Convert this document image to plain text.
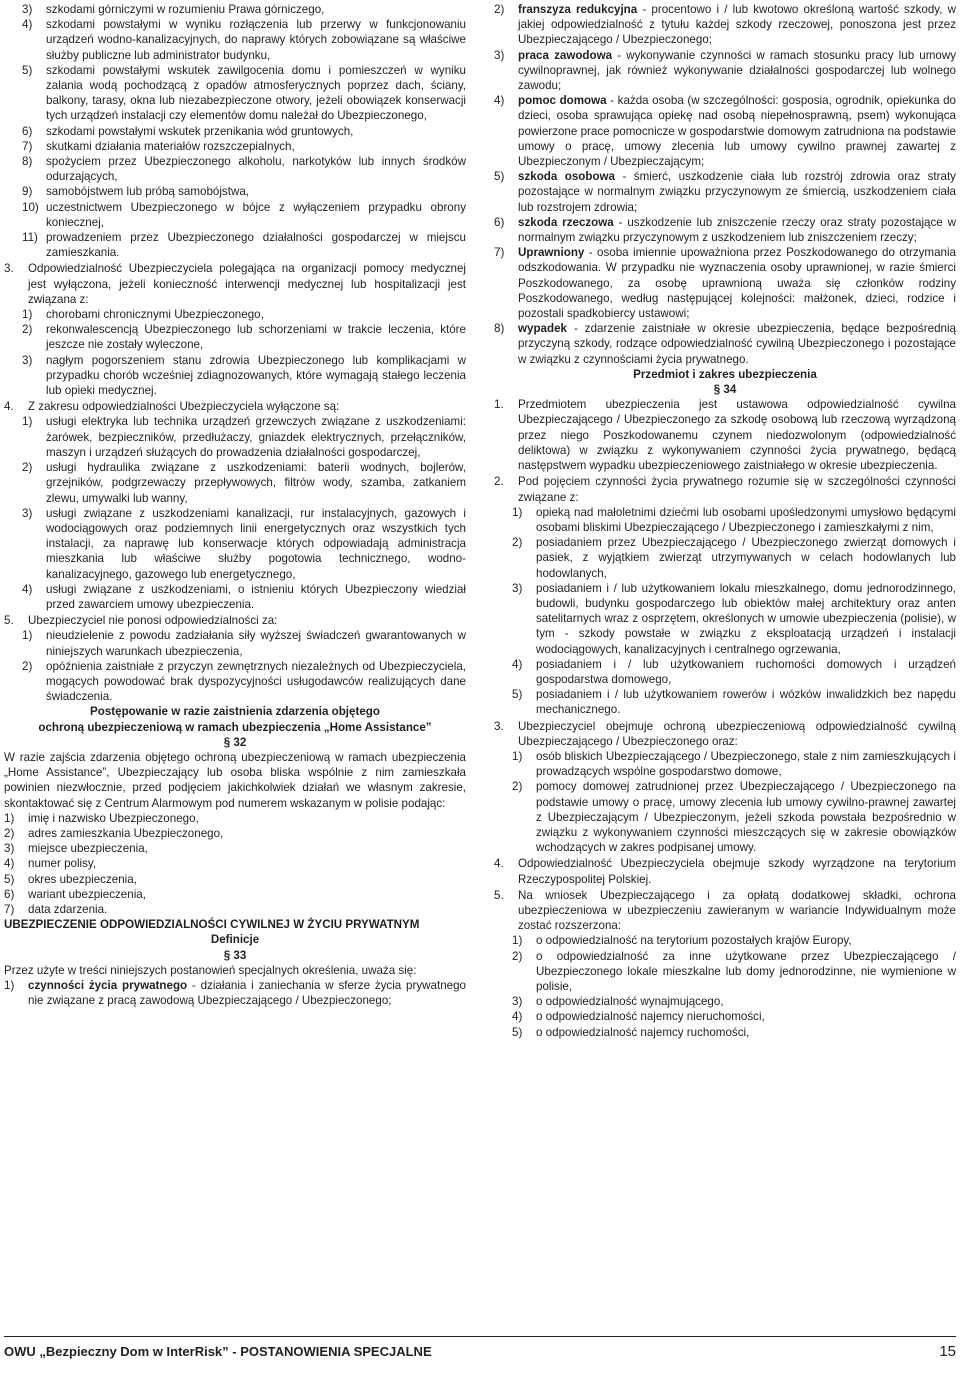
3)	szkodami górniczymi w rozumieniu Prawa górniczego,
4)	szkodami powstałymi w wyniku rozłączenia lub przerwy w funkcjonowaniu urządzeń wodno-kanalizacyjnych, do naprawy których zobowiązane są właściwe służby publiczne lub administrator budynku,
5)	szkodami powstałymi wskutek zawilgocenia domu i pomieszczeń w wyniku zalania wodą pochodzącą z opadów atmosferycznych poprzez dach, ściany, balkony, tarasy, okna lub niezabezpieczone otwory, jeżeli obowiązek konserwacji tych urządzeń instalacji czy elementów domu należał do Ubezpieczonego,
6)	szkodami powstałymi wskutek przenikania wód gruntowych,
7)	skutkami działania materiałów rozszczepialnych,
8)	spożyciem przez Ubezpieczonego alkoholu, narkotyków lub innych środków odurzających,
9)	samobójstwem lub próbą samobójstwa,
10) uczestnictwem Ubezpieczonego w bójce z wyłączeniem przypadku obrony koniecznej,
11) prowadzeniem przez Ubezpieczonego działalności gospodarczej w miejscu zamieszkania.
3.	Odpowiedzialność Ubezpieczyciela polegająca na organizacji pomocy medycznej jest wyłączona, jeżeli konieczność interwencji medycznej lub hospitalizacji jest związana z:
1)	chorobami chronicznymi Ubezpieczonego,
2)	rekonwalescencją Ubezpieczonego lub schorzeniami w trakcie leczenia, które jeszcze nie zostały wyleczone,
3)	nagłym pogorszeniem stanu zdrowia Ubezpieczonego lub komplikacjami w przypadku chorób wcześniej zdiagnozowanych, które wymagają stałego leczenia lub opieki medycznej.
4.	Z zakresu odpowiedzialności Ubezpieczyciela wyłączone są:
1)	usługi elektryka lub technika urządzeń grzewczych związane z uszkodzeniami: żarówek, bezpieczników, przedłużaczy, gniazdek elektrycznych, przełączników, maszyn i urządzeń służących do prowadzenia działalności gospodarczej,
2)	usługi hydraulika związane z uszkodzeniami: baterii wodnych, bojlerów, grzejników, podgrzewaczy przepływowych, filtrów wody, szamba, zatkaniem zlewu, umywalki lub wanny,
3)	usługi związane z uszkodzeniami kanalizacji, rur instalacyjnych, gazowych i wodociągowych oraz podziemnych linii energetycznych oraz wszystkich tych instalacji, za naprawę lub konserwacje których odpowiadają administracja mieszkania lub właściwe służby pogotowia technicznego, wodno-kanalizacyjnego, gazowego lub energetycznego,
4)	usługi związane z uszkodzeniami, o istnieniu których Ubezpieczony wiedział przed zawarciem umowy ubezpieczenia.
5.	Ubezpieczyciel nie ponosi odpowiedzialności za:
1)	nieudzielenie z powodu zadziałania siły wyższej świadczeń gwarantowanych w niniejszych warunkach ubezpieczenia,
2)	opóźnienia zaistniałe z przyczyn zewnętrznych niezależnych od Ubezpieczyciela, mogących powodować brak dyspozycyjności usługodawców realizujących dane świadczenia.

Postępowanie w razie zaistnienia zdarzenia objętego

ochroną ubezpieczeniową w ramach ubezpieczenia „Home Assistance”

§ 32

W razie zajścia zdarzenia objętego ochroną ubezpieczeniową w ramach ubezpieczenia „Home Assistance”, Ubezpieczający lub osoba bliska wspólnie z nim zamieszkała powinien niezwłocznie, przed podjęciem jakichkolwiek działań we własnym zakresie, skontaktować się z Centrum Alarmowym pod numerem wskazanym w polisie podając:

1)	imię i nazwisko Ubezpieczonego,
2)	adres zamieszkania Ubezpieczonego,
3)	miejsce ubezpieczenia,
4)	numer polisy,
5)	okres ubezpieczenia,
6)	wariant ubezpieczenia,
7)	data zdarzenia.

UBEZPIECZENIE ODPOWIEDZIALNOŚCI CYWILNEJ W ŻYCIU PRYWATNYM

Definicje

§ 33

Przez użyte w treści niniejszych postanowień specjalnych określenia, uważa się:

1)	czynności życia prywatnego - działania i zaniechania w sferze życia prywatnego nie związane z pracą zawodową Ubezpieczającego / Ubezpieczonego;
2)	franszyza redukcyjna - procentowo i / lub kwotowo określoną wartość szkody, w jakiej odpowiedzialność z tytułu każdej szkody rzeczowej, ponoszona jest przez Ubezpieczającego / Ubezpieczonego;
3)	praca zawodowa - wykonywanie czynności w ramach stosunku pracy lub umowy cywilnoprawnej, jak również wykonywanie działalności gospodarczej lub wolnego zawodu;
4)	pomoc domowa - każda osoba (w szczególności: gosposia, ogrodnik, opiekunka do dzieci, osoba sprawująca opiekę nad osobą niepełnosprawną, psem) wykonująca powierzone prace pomocnicze w gospodarstwie domowym zatrudniona na podstawie umowy o pracę, umowy zlecenia lub umowy cywilno prawnej zawartej z Ubezpieczonym / Ubezpieczającym;
5)	szkoda osobowa - śmierć, uszkodzenie ciała lub rozstrój zdrowia oraz straty pozostające w normalnym związku przyczynowym ze śmiercią, uszkodzeniem ciała lub rozstrojem zdrowia;
6)	szkoda rzeczowa - uszkodzenie lub zniszczenie rzeczy oraz straty pozostające w normalnym związku przyczynowym z uszkodzeniem lub zniszczeniem rzeczy;
7)	Uprawniony - osoba imiennie upoważniona przez Poszkodowanego do otrzymania odszkodowania. W przypadku nie wyznaczenia osoby uprawnionej, w razie śmierci Poszkodowanego, za osobę uprawnioną uważa się członków rodziny Poszkodowanego, według następującej kolejności: małżonek, dzieci, rodzice i pozostali spadkobiercy ustawowi;
8)	wypadek - zdarzenie zaistniałe w okresie ubezpieczenia, będące bezpośrednią przyczyną szkody, rodzące odpowiedzialność cywilną Ubezpieczonego i pozostające w związku z czynnościami życia prywatnego.

Przedmiot i zakres ubezpieczenia

§ 34

1.	Przedmiotem ubezpieczenia jest ustawowa odpowiedzialność cywilna Ubezpieczającego / Ubezpieczonego za szkodę osobową lub rzeczową wyrządzoną przez niego Poszkodowanemu czynem niedozwolonym (odpowiedzialność deliktowa) w związku z wykonywaniem czynności życia prywatnego, będącą następstwem wypadku ubezpieczeniowego zaistniałego w okresie ubezpieczenia.
2.	Pod pojęciem czynności życia prywatnego rozumie się w szczególności czynności związane z:
1)	opieką nad małoletnimi dziećmi lub osobami upośledzonymi umysłowo będącymi osobami bliskimi Ubezpieczającego / Ubezpieczonego i zamieszkałymi z nim,
2)	posiadaniem przez Ubezpieczającego / Ubezpieczonego zwierząt domowych i pasiek, z wyjątkiem zwierząt utrzymywanych w celach hodowlanych lub hodowlanych,
3)	posiadaniem i / lub użytkowaniem lokalu mieszkalnego, domu jednorodzinnego, budowli, budynku gospodarczego lub obiektów małej architektury oraz anten satelitarnych wraz z osprzętem, określonych w umowie ubezpieczenia (polisie), w tym - szkody powstałe w związku z eksploatacją urządzeń i instalacji wodociągowych, kanalizacyjnych i centralnego ogrzewania,
4)	posiadaniem i / lub użytkowaniem ruchomości domowych i urządzeń gospodarstwa domowego,
5)	posiadaniem i / lub użytkowaniem rowerów i wózków inwalidzkich bez napędu mechanicznego.
3.	Ubezpieczyciel obejmuje ochroną ubezpieczeniową odpowiedzialność cywilną Ubezpieczającego / Ubezpieczonego oraz:
1)	osób bliskich Ubezpieczającego / Ubezpieczonego, stale z nim zamieszkujących i prowadzących wspólne gospodarstwo domowe,
2)	pomocy domowej zatrudnionej przez Ubezpieczającego / Ubezpieczonego na podstawie umowy o pracę, umowy zlecenia lub umowy cywilno-prawnej zawartej z Ubezpieczającym / Ubezpieczonym, jeżeli szkoda powstała bezpośrednio w związku z wykonywaniem czynności mieszczących się w zakresie obowiązków wchodzących w zakres podpisanej umowy.
4.	Odpowiedzialność Ubezpieczyciela obejmuje szkody wyrządzone na terytorium Rzeczypospolitej Polskiej.
5.	Na wniosek Ubezpieczającego i za opłatą dodatkowej składki, ochrona ubezpieczeniowa w ubezpieczeniu zawieranym w wariancie Indywidualnym może zostać rozszerzona:
1)	o odpowiedzialność na terytorium pozostałych krajów Europy,
2)	o odpowiedzialność za inne użytkowane przez Ubezpieczającego / Ubezpieczonego lokale mieszkalne lub domy jednorodzinne, nie wymienione w polisie,
3)	o odpowiedzialność wynajmującego,
4)	o odpowiedzialność najemcy nieruchomości,
5)	o odpowiedzialność najemcy ruchomości,
OWU „Bezpieczny Dom w InterRisk” - POSTANOWIENIA SPECJALNE	15
